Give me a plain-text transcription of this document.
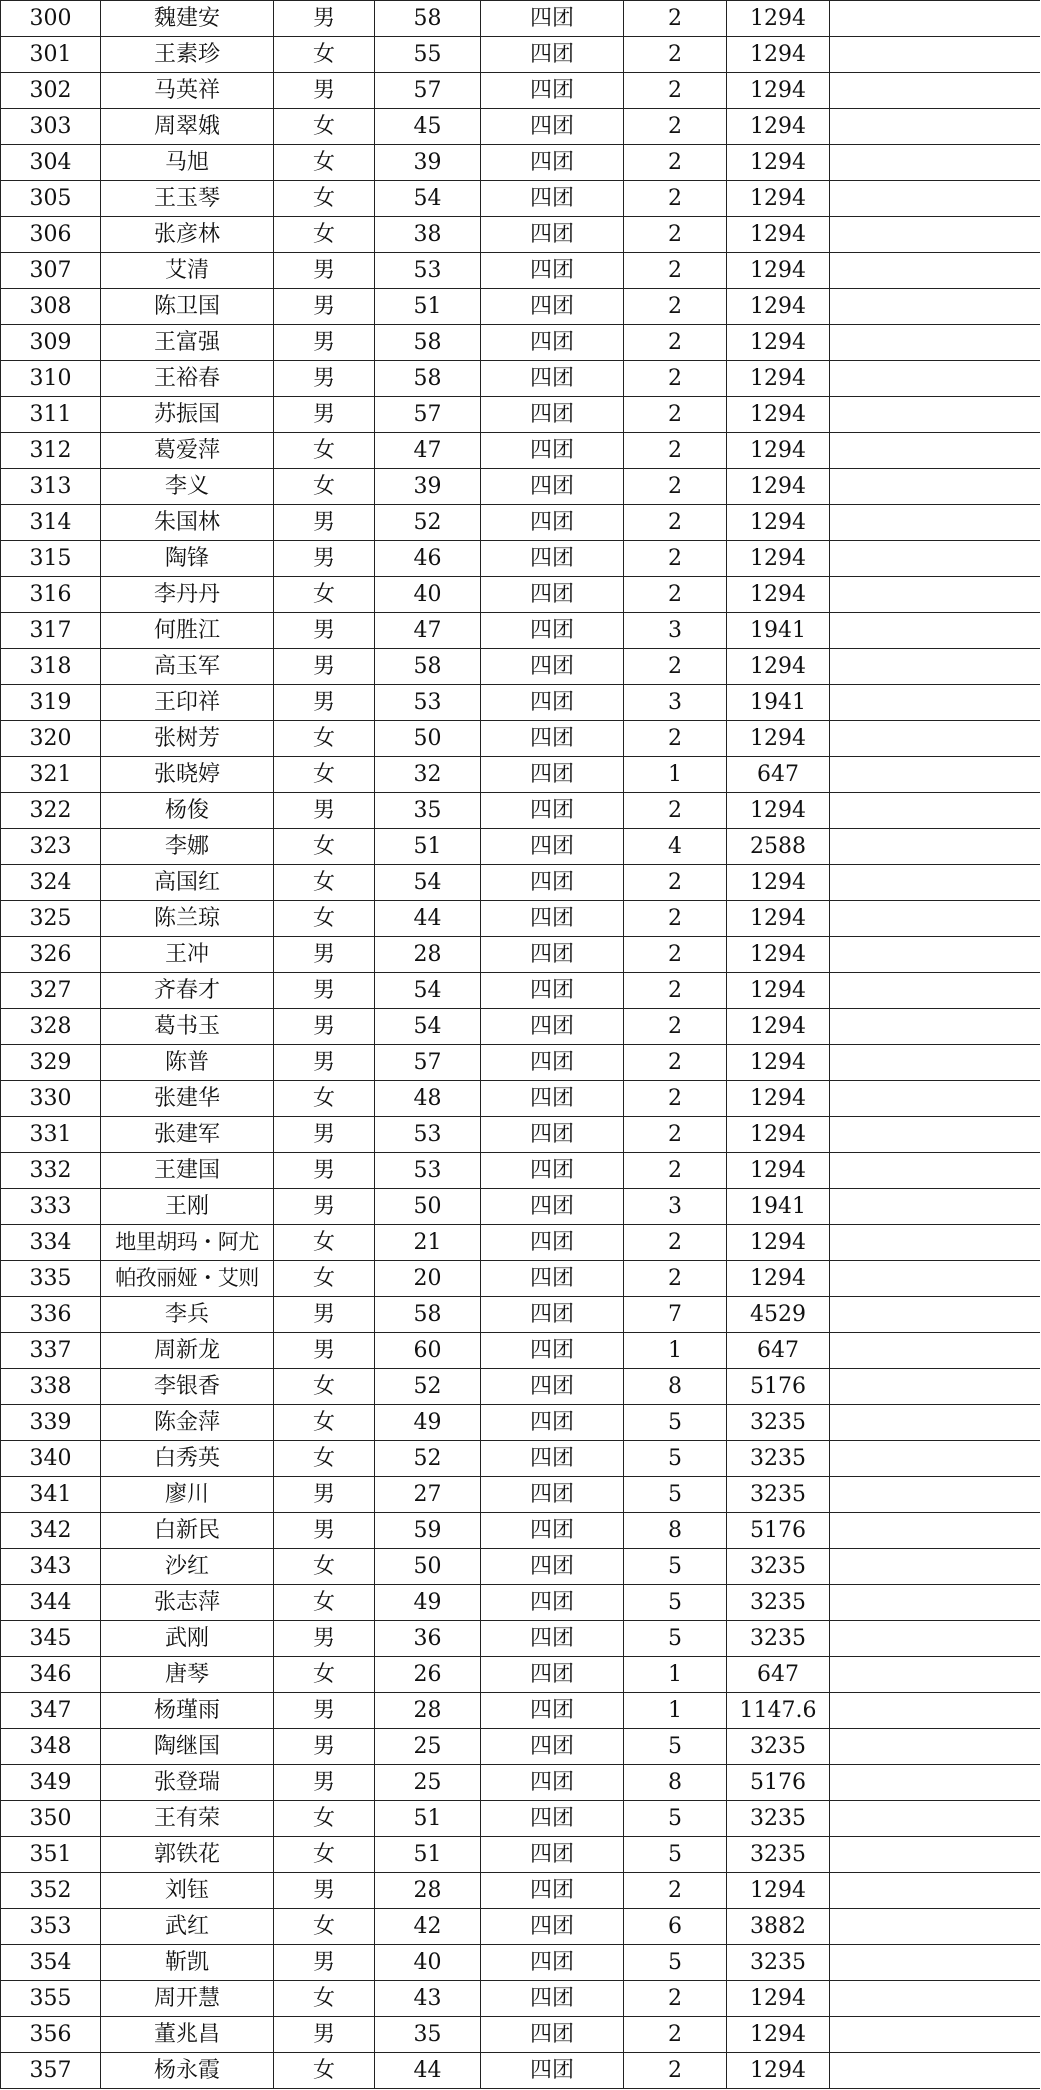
300	魏建安	男	58	四团	2	1294	
301	王素珍	女	55	四团	2	1294	
302	马英祥	男	57	四团	2	1294	
303	周翠娥	女	45	四团	2	1294	
304	马旭	女	39	四团	2	1294	
305	王玉琴	女	54	四团	2	1294	
306	张彦林	女	38	四团	2	1294	
307	艾清	男	53	四团	2	1294	
308	陈卫国	男	51	四团	2	1294	
309	王富强	男	58	四团	2	1294	
310	王裕春	男	58	四团	2	1294	
311	苏振国	男	57	四团	2	1294	
312	葛爱萍	女	47	四团	2	1294	
313	李义	女	39	四团	2	1294	
314	朱国林	男	52	四团	2	1294	
315	陶锋	男	46	四团	2	1294	
316	李丹丹	女	40	四团	2	1294	
317	何胜江	男	47	四团	3	1941	
318	高玉军	男	58	四团	2	1294	
319	王印祥	男	53	四团	3	1941	
320	张树芳	女	50	四团	2	1294	
321	张晓婷	女	32	四团	1	647	
322	杨俊	男	35	四团	2	1294	
323	李娜	女	51	四团	4	2588	
324	高国红	女	54	四团	2	1294	
325	陈兰琼	女	44	四团	2	1294	
326	王冲	男	28	四团	2	1294	
327	齐春才	男	54	四团	2	1294	
328	葛书玉	男	54	四团	2	1294	
329	陈普	男	57	四团	2	1294	
330	张建华	女	48	四团	2	1294	
331	张建军	男	53	四团	2	1294	
332	王建国	男	53	四团	2	1294	
333	王刚	男	50	四团	3	1941	
334	地里胡玛・阿尤	女	21	四团	2	1294	
335	帕孜丽娅・艾则	女	20	四团	2	1294	
336	李兵	男	58	四团	7	4529	
337	周新龙	男	60	四团	1	647	
338	李银香	女	52	四团	8	5176	
339	陈金萍	女	49	四团	5	3235	
340	白秀英	女	52	四团	5	3235	
341	廖川	男	27	四团	5	3235	
342	白新民	男	59	四团	8	5176	
343	沙红	女	50	四团	5	3235	
344	张志萍	女	49	四团	5	3235	
345	武刚	男	36	四团	5	3235	
346	唐琴	女	26	四团	1	647	
347	杨瑾雨	男	28	四团	1	1147.6	
348	陶继国	男	25	四团	5	3235	
349	张登瑞	男	25	四团	8	5176	
350	王有荣	女	51	四团	5	3235	
351	郭铁花	女	51	四团	5	3235	
352	刘钰	男	28	四团	2	1294	
353	武红	女	42	四团	6	3882	
354	靳凯	男	40	四团	5	3235	
355	周开慧	女	43	四团	2	1294	
356	董兆昌	男	35	四团	2	1294	
357	杨永霞	女	44	四团	2	1294	
